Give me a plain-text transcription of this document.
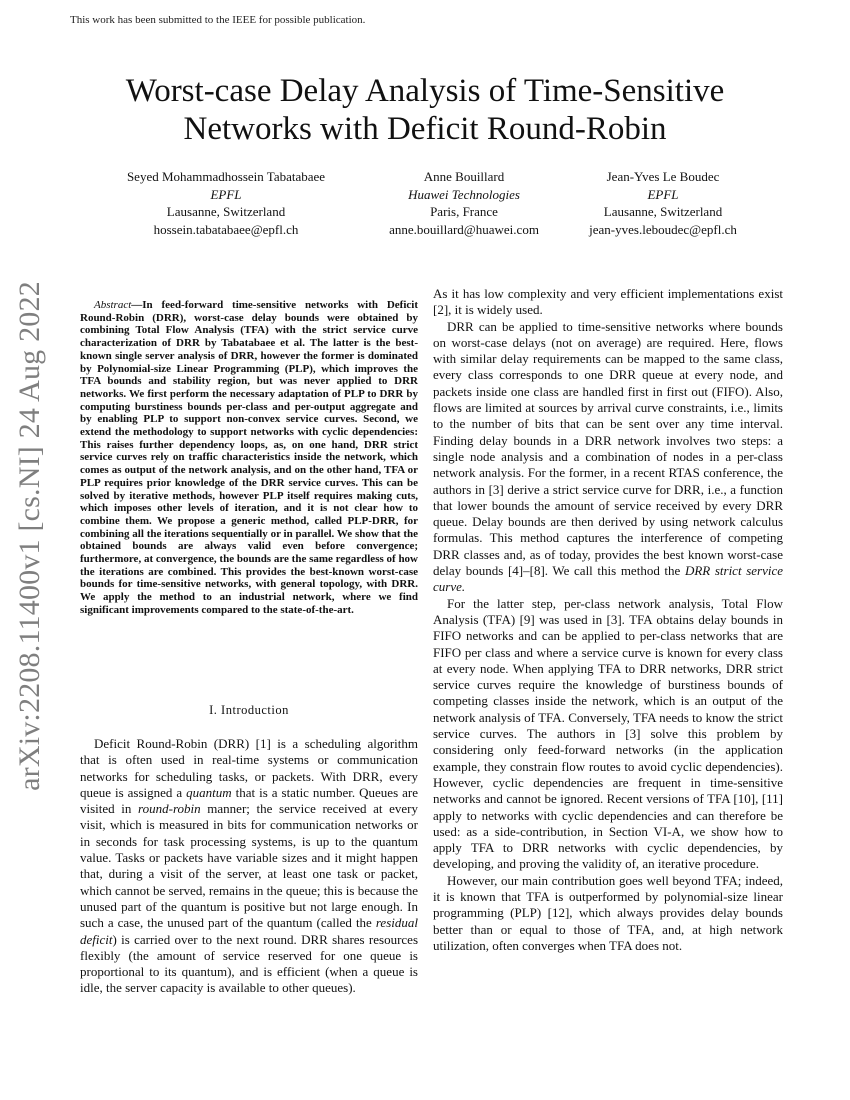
This work has been submitted to the IEEE for possible publication.
arXiv:2208.11400v1 [cs.NI] 24 Aug 2022
Worst-case Delay Analysis of Time-Sensitive
Networks with Deficit Round-Robin
Seyed Mohammadhossein Tabatabaee
EPFL
Lausanne, Switzerland
hossein.tabatabaee@epfl.ch
Anne Bouillard
Huawei Technologies
Paris, France
anne.bouillard@huawei.com
Jean-Yves Le Boudec
EPFL
Lausanne, Switzerland
jean-yves.leboudec@epfl.ch

Abstract—In feed-forward time-sensitive networks with Deficit Round-Robin (DRR), worst-case delay bounds were obtained by combining Total Flow Analysis (TFA) with the strict service curve characterization of DRR by Tabatabaee et al. The latter is the best-known single server analysis of DRR, however the former is dominated by Polynomial-size Linear Programming (PLP), which improves the TFA bounds and stability region, but was never applied to DRR networks. We first perform the necessary adaptation of PLP to DRR by computing burstiness bounds per-class and per-output aggregate and by enabling PLP to support non-convex service curves. Second, we extend the methodology to support networks with cyclic dependencies: This raises further dependency loops, as, on one hand, DRR strict service curves rely on traffic characteristics inside the network, which comes as output of the network analysis, and on the other hand, TFA or PLP requires prior knowledge of the DRR service curves. This can be solved by iterative methods, however PLP itself requires making cuts, which imposes other levels of iteration, and it is not clear how to combine them. We propose a generic method, called PLP-DRR, for combining all the iterations sequentially or in parallel. We show that the obtained bounds are always valid even before convergence; furthermore, at convergence, the bounds are the same regardless of how the iterations are combined. This provides the best-known worst-case bounds for time-sensitive networks, with general topology, with DRR. We apply the method to an industrial network, where we find significant improvements compared to the state-of-the-art.

I. Introduction

Deficit Round-Robin (DRR) [1] is a scheduling algorithm that is often used in real-time systems or communication networks for scheduling tasks, or packets. With DRR, every queue is assigned a quantum that is a static number. Queues are visited in round-robin manner; the service received at every visit, which is measured in bits for communication networks or in seconds for task processing systems, is up to the quantum value. Tasks or packets have variable sizes and it might happen that, during a visit of the server, at least one task or packet, which cannot be served, remains in the queue; this is because the unused part of the quantum is positive but not large enough. In such a case, the unused part of the quantum (called the residual deficit) is carried over to the next round. DRR shares resources flexibly (the amount of service reserved for one queue is proportional to its quantum), and is efficient (when a queue is idle, the server capacity is available to other queues).

As it has low complexity and very efficient implementations exist [2], it is widely used.

DRR can be applied to time-sensitive networks where bounds on worst-case delays (not on average) are required. Here, flows with similar delay requirements can be mapped to the same class, every class corresponds to one DRR queue at every node, and packets inside one class are handled first in first out (FIFO). Also, flows are limited at sources by arrival curve constraints, i.e., limits to the number of bits that can be sent over any time interval. Finding delay bounds in a DRR network involves two steps: a single node analysis and a combination of nodes in a per-class network analysis. For the former, in a recent RTAS conference, the authors in [3] derive a strict service curve for DRR, i.e., a function that lower bounds the amount of service received by every DRR queue. Delay bounds are then derived by using network calculus formulas. This method captures the interference of competing DRR classes and, as of today, provides the best known worst-case delay bounds [4]–[8]. We call this method the DRR strict service curve.

For the latter step, per-class network analysis, Total Flow Analysis (TFA) [9] was used in [3]. TFA obtains delay bounds in FIFO networks and can be applied to per-class networks that are FIFO per class and where a service curve is known for every class at every node. When applying TFA to DRR networks, DRR strict service curves require the knowledge of burstiness bounds of competing classes inside the network, which is an output of the network analysis of TFA. Conversely, TFA needs to know the strict service curves. The authors in [3] solve this problem by considering only feed-forward networks (in the application example, they constrain flow routes to avoid cyclic dependencies). However, cyclic dependencies are frequent in time-sensitive networks and cannot be ignored. Recent versions of TFA [10], [11] apply to networks with cyclic dependencies and can therefore be used: as a side-contribution, in Section VI-A, we show how to apply TFA to DRR networks with cyclic dependencies, by developing, and proving the validity of, an iterative procedure.

However, our main contribution goes well beyond TFA; indeed, it is known that TFA is outperformed by polynomial-size linear programming (PLP) [12], which always provides delay bounds better than or equal to those of TFA, and, at high network utilization, often converges when TFA does not.
